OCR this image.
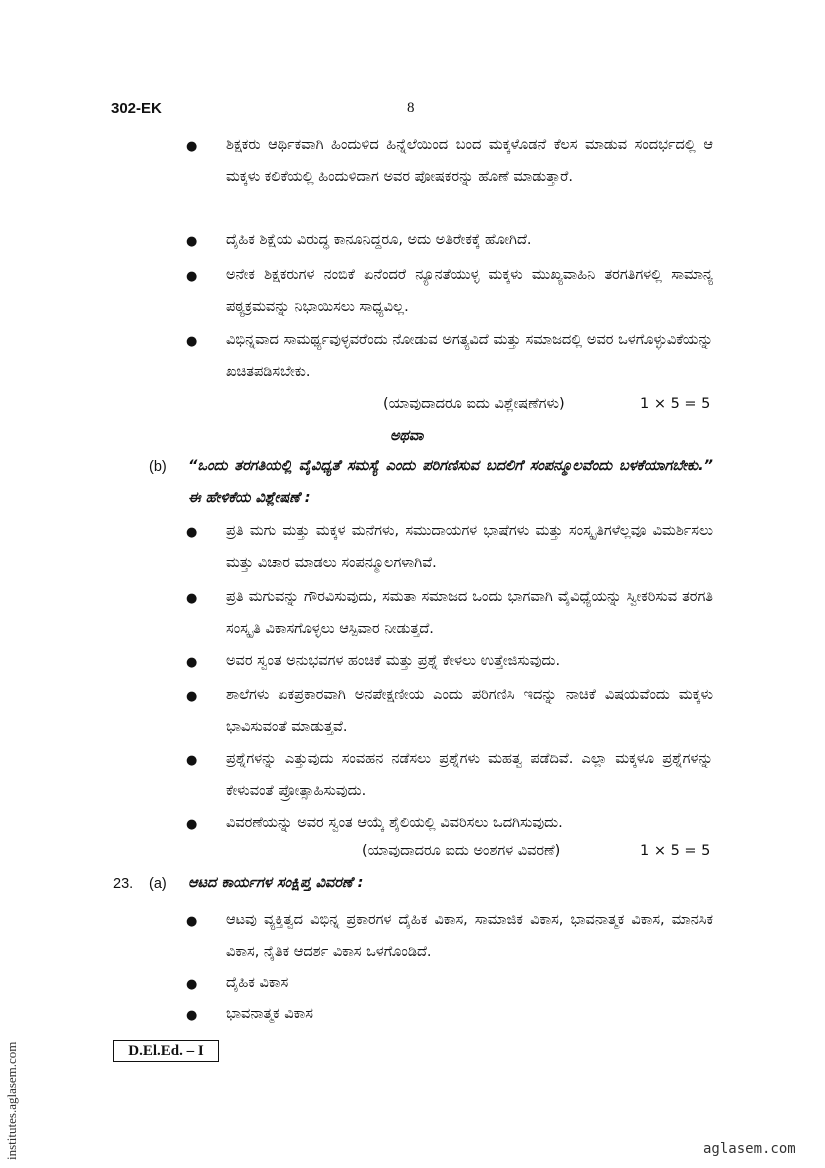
302-EK	8
● ಶಿಕ್ಷಕರು ಆರ್ಥಿಕವಾಗಿ ಹಿಂದುಳಿದ ಹಿನ್ನೆಲೆಯಿಂದ ಬಂದ ಮಕ್ಕಳೊಡನೆ ಕೆಲಸ ಮಾಡುವ ಸಂದರ್ಭದಲ್ಲಿ ಆ ಮಕ್ಕಳು ಕಲಿಕೆಯಲ್ಲಿ ಹಿಂದುಳಿದಾಗ ಅವರ ಪೋಷಕರನ್ನು ಹೊಣೆ ಮಾಡುತ್ತಾರೆ.
● ದೈಹಿಕ ಶಿಕ್ಷೆಯ ವಿರುದ್ಧ ಕಾನೂನಿದ್ದರೂ, ಅದು ಅತಿರೇಕಕ್ಕೆ ಹೋಗಿದೆ.
● ಅನೇಕ ಶಿಕ್ಷಕರುಗಳ ನಂಬಿಕೆ ಏನೆಂದರೆ ನ್ಯೂನತೆಯುಳ್ಳ ಮಕ್ಕಳು ಮುಖ್ಯವಾಹಿನಿ ತರಗತಿಗಳಲ್ಲಿ ಸಾಮಾನ್ಯ ಪಠ್ಯಕ್ರಮವನ್ನು ನಿಭಾಯಿಸಲು ಸಾಧ್ಯವಿಲ್ಲ.
● ವಿಭಿನ್ನವಾದ ಸಾಮರ್ಥ್ಯವುಳ್ಳವರೆಂದು ನೋಡುವ ಅಗತ್ಯವಿದೆ ಮತ್ತು ಸಮಾಜದಲ್ಲಿ ಅವರ ಒಳಗೊಳ್ಳುವಿಕೆಯನ್ನು ಖಚಿತಪಡಿಸಬೇಕು.
(ಯಾವುದಾದರೂ ಐದು ವಿಶ್ಲೇಷಣೆಗಳು)	1 × 5 = 5
ಅಥವಾ
(b) “ಒಂದು ತರಗತಿಯಲ್ಲಿ ವೈವಿಧ್ಯತೆ ಸಮಸ್ಯೆ ಎಂದು ಪರಿಗಣಿಸುವ ಬದಲಿಗೆ ಸಂಪನ್ಮೂಲವೆಂದು ಬಳಕೆಯಾಗಬೇಕು.” ಈ ಹೇಳಿಕೆಯ ವಿಶ್ಲೇಷಣೆ :
● ಪ್ರತಿ ಮಗು ಮತ್ತು ಮಕ್ಕಳ ಮನೆಗಳು, ಸಮುದಾಯಗಳ ಭಾಷೆಗಳು ಮತ್ತು ಸಂಸ್ಕೃತಿಗಳೆಲ್ಲವೂ ವಿಮರ್ಶಿಸಲು ಮತ್ತು ವಿಚಾರ ಮಾಡಲು ಸಂಪನ್ಮೂಲಗಳಾಗಿವೆ.
● ಪ್ರತಿ ಮಗುವನ್ನು ಗೌರವಿಸುವುದು, ಸಮತಾ ಸಮಾಜದ ಒಂದು ಭಾಗವಾಗಿ ವೈವಿಧ್ಯೆಯನ್ನು ಸ್ವೀಕರಿಸುವ ತರಗತಿ ಸಂಸ್ಕೃತಿ ವಿಕಾಸಗೊಳ್ಳಲು ಆಸ್ಪಿವಾರ ನೀಡುತ್ತದೆ.
● ಅವರ ಸ್ವಂತ ಅನುಭವಗಳ ಹಂಚಿಕೆ ಮತ್ತು ಪ್ರಶ್ನೆ ಕೇಳಲು ಉತ್ತೇಜಿಸುವುದು.
● ಶಾಲೆಗಳು ಏಕಪ್ರಕಾರವಾಗಿ ಅನಪೇಕ್ಷಣೀಯ ಎಂದು ಪರಿಗಣಿಸಿ ಇದನ್ನು ನಾಚಿಕೆ ವಿಷಯವೆಂದು ಮಕ್ಕಳು ಭಾವಿಸುವಂತೆ ಮಾಡುತ್ತವೆ.
● ಪ್ರಶ್ನೆಗಳನ್ನು ಎತ್ತುವುದು ಸಂವಹನ ನಡೆಸಲು ಪ್ರಶ್ನೆಗಳು ಮಹತ್ವ ಪಡೆದಿವೆ. ಎಲ್ಲಾ ಮಕ್ಕಳೂ ಪ್ರಶ್ನೆಗಳನ್ನು ಕೇಳುವಂತೆ ಪ್ರೋತ್ಸಾಹಿಸುವುದು.
● ವಿವರಣೆಯನ್ನು ಅವರ ಸ್ವಂತ ಆಯ್ಕೆ ಶೈಲಿಯಲ್ಲಿ ವಿವರಿಸಲು ಒದಗಿಸುವುದು.
(ಯಾವುದಾದರೂ ಐದು ಅಂಶಗಳ ವಿವರಣೆ)	1 × 5 = 5
23. (a) ಆಟದ ಕಾರ್ಯಗಳ ಸಂಕ್ಷಿಪ್ತ ವಿವರಣೆ :
● ಆಟವು ವ್ಯಕ್ತಿತ್ವದ ವಿಭಿನ್ನ ಪ್ರಕಾರಗಳ ದೈಹಿಕ ವಿಕಾಸ, ಸಾಮಾಜಿಕ ವಿಕಾಸ, ಭಾವನಾತ್ಮಕ ವಿಕಾಸ, ಮಾನಸಿಕ ವಿಕಾಸ, ನೈತಿಕ ಆದರ್ಶ ವಿಕಾಸ ಒಳಗೊಂಡಿದೆ.
● ದೈಹಿಕ ವಿಕಾಸ
● ಭಾವನಾತ್ಮಕ ವಿಕಾಸ
D.El.Ed. – I
institutes.aglasem.com	aglasem.com
